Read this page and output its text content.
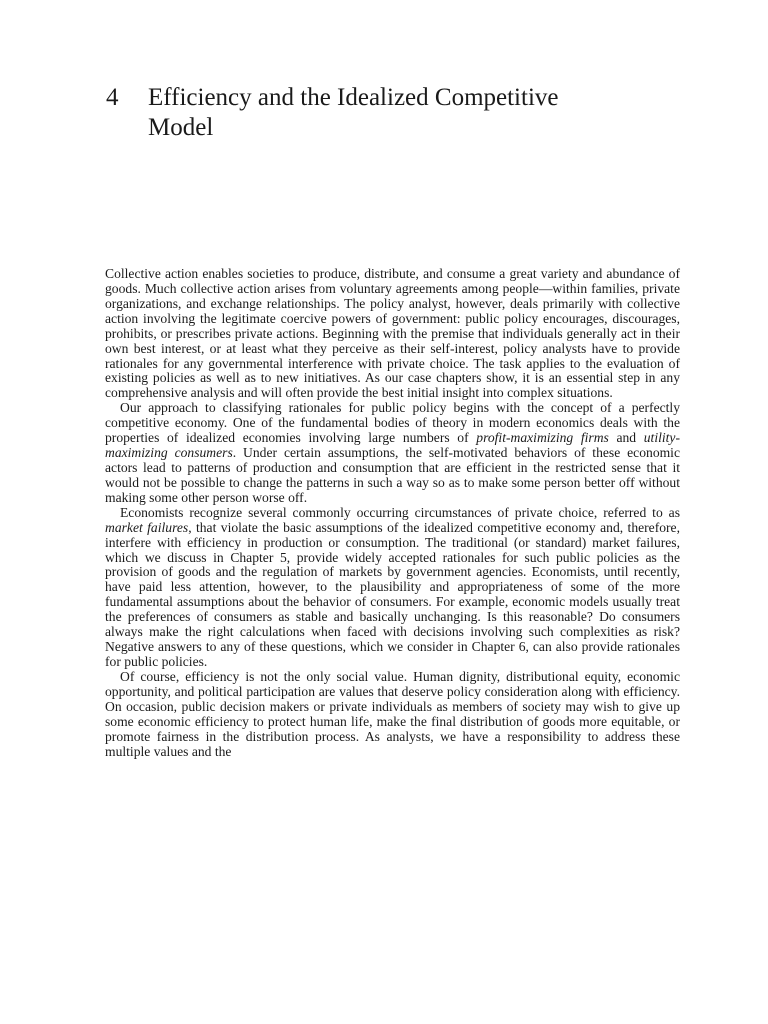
4	Efficiency and the Idealized Competitive
Model

Collective action enables societies to produce, distribute, and consume a great variety and abundance of goods. Much collective action arises from voluntary agreements among people—within families, private organizations, and exchange relationships. The policy analyst, however, deals primarily with collective action involving the legitimate coercive powers of government: public policy encourages, discourages, prohibits, or prescribes private actions. Beginning with the premise that individuals generally act in their own best interest, or at least what they perceive as their self-interest, policy analysts have to provide rationales for any governmental interference with private choice. The task applies to the evaluation of existing policies as well as to new initiatives. As our case chapters show, it is an essential step in any comprehensive analysis and will often provide the best initial insight into complex situations.

Our approach to classifying rationales for public policy begins with the concept of a perfectly competitive economy. One of the fundamental bodies of theory in modern economics deals with the properties of idealized economies involving large numbers of profit-maximizing firms and utility-maximizing consumers. Under certain assumptions, the self-motivated behaviors of these economic actors lead to patterns of production and consumption that are efficient in the restricted sense that it would not be possible to change the patterns in such a way so as to make some person better off without making some other person worse off.

Economists recognize several commonly occurring circumstances of private choice, referred to as market failures, that violate the basic assumptions of the idealized competitive economy and, therefore, interfere with efficiency in production or consumption. The traditional (or standard) market failures, which we discuss in Chapter 5, provide widely accepted rationales for such public policies as the provision of goods and the regulation of markets by government agencies. Economists, until recently, have paid less attention, however, to the plausibility and appropriateness of some of the more fundamental assumptions about the behavior of consumers. For example, economic models usually treat the preferences of consumers as stable and basically unchanging. Is this reasonable? Do consumers always make the right calculations when faced with decisions involving such complexities as risk? Negative answers to any of these questions, which we consider in Chapter 6, can also provide rationales for public policies.

Of course, efficiency is not the only social value. Human dignity, distributional equity, economic opportunity, and political participation are values that deserve policy consideration along with efficiency. On occasion, public decision makers or private individuals as members of society may wish to give up some economic efficiency to protect human life, make the final distribution of goods more equitable, or promote fairness in the distribution process. As analysts, we have a responsibility to address these multiple values and the
